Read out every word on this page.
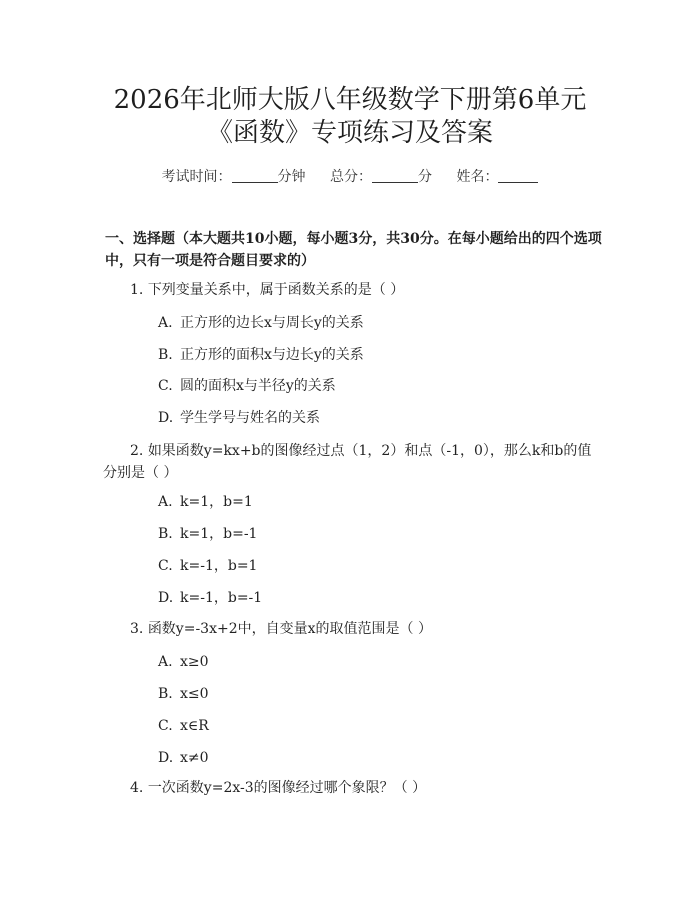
2026年北师大版八年级数学下册第6单元
《函数》专项练习及答案
考试时间：	分钟 总分：	分 姓名：
一、选择题（本大题共10小题，每小题3分，共30分。在每小题给出的四个选项中，只有一项是符合题目要求的）
1. 下列变量关系中，属于函数关系的是（ ）
A. 正方形的边长x与周长y的关系
B. 正方形的面积x与边长y的关系
C. 圆的面积x与半径y的关系
D. 学生学号与姓名的关系
2. 如果函数y=kx+b的图像经过点（1，2）和点（-1，0），那么k和b的值
分别是（ ）
A. k=1，b=1
B. k=1，b=-1
C. k=-1，b=1
D. k=-1，b=-1
3. 函数y=-3x+2中，自变量x的取值范围是（ ）
A. x≥0
B. x≤0
C. x∈R
D. x≠0
4. 一次函数y=2x-3的图像经过哪个象限？（ ）
